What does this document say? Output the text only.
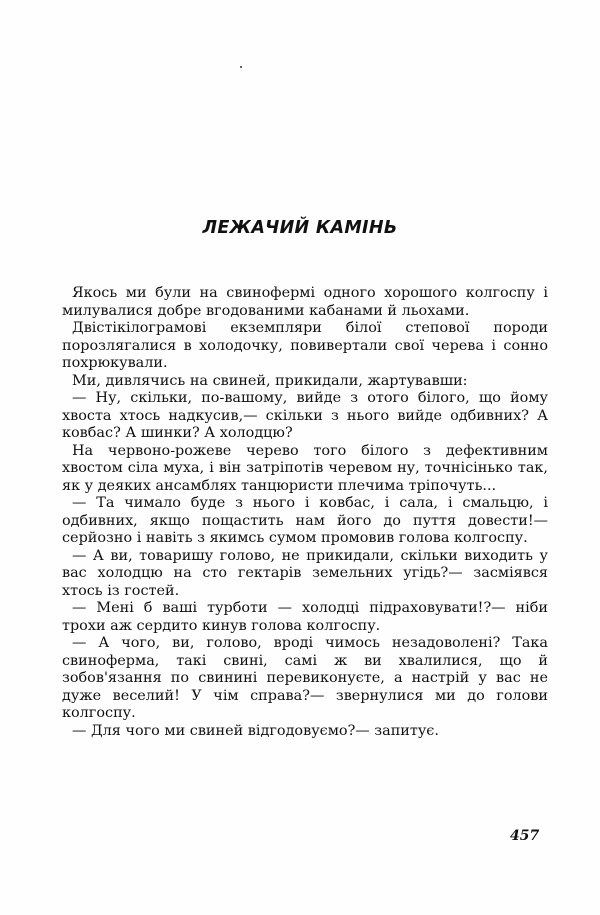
ЛЕЖАЧИЙ КАМІНЬ

Якось ми були на свинофермі одного хорошого колгоспу і милувалися добре вгодованими кабанами й льохами.

Двістікілограмові екземпляри білої степової породи порозлягалися в холодочку, повивертали свої черева і сонно похрюкували.

Ми, дивлячись на свиней, прикидали, жартувавши:

— Ну, скільки, по-вашому, вийде з отого білого, що йому хвоста хтось надкусив,— скільки з нього вийде одбивних? А ковбас? А шинки? А холодцю?

На червоно-рожеве черево того білого з дефективним хвостом сіла муха, і він затріпотів черевом ну, точнісінько так, як у деяких ансамблях танцюристи плечима тріпочуть...

— Та чимало буде з нього і ковбас, і сала, і смальцю, і одбивних, якщо пощастить нам його до пуття довести!— серйозно і навіть з якимсь сумом промовив голова колгоспу.

— А ви, товаришу голово, не прикидали, скільки виходить у вас холодцю на сто гектарів земельних угідь?— засміявся хтось із гостей.

— Мені б ваші турботи — холодці підраховувати!?— ніби трохи аж сердито кинув голова колгоспу.

— А чого, ви, голово, вроді чимось незадоволені? Така свиноферма, такі свині, самі ж ви хвалилися, що й зобов'язання по свинині перевиконуєте, а настрій у вас не дуже веселий! У чім справа?— звернулися ми до голови колгоспу.

— Для чого ми свиней відгодовуємо?— запитує.

457
